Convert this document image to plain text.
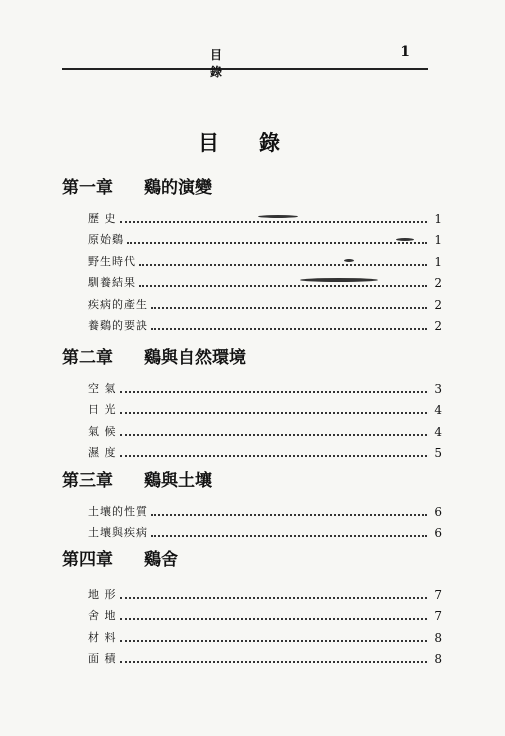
目錄
1
目錄
第一章	鷄的演變
歷 史	1
原始鷄	1
野生時代	1
馴養結果	2
疾病的產生	2
養鷄的要訣	2
第二章	鷄與自然環境
空 氣	3
日 光	4
氣 候	4
濕 度	5
第三章	鷄與土壤
土壤的性質	6
土壤與疾病	6
第四章	鷄舍
地 形	7
舍 地	7
材 料	8
面 積	8
